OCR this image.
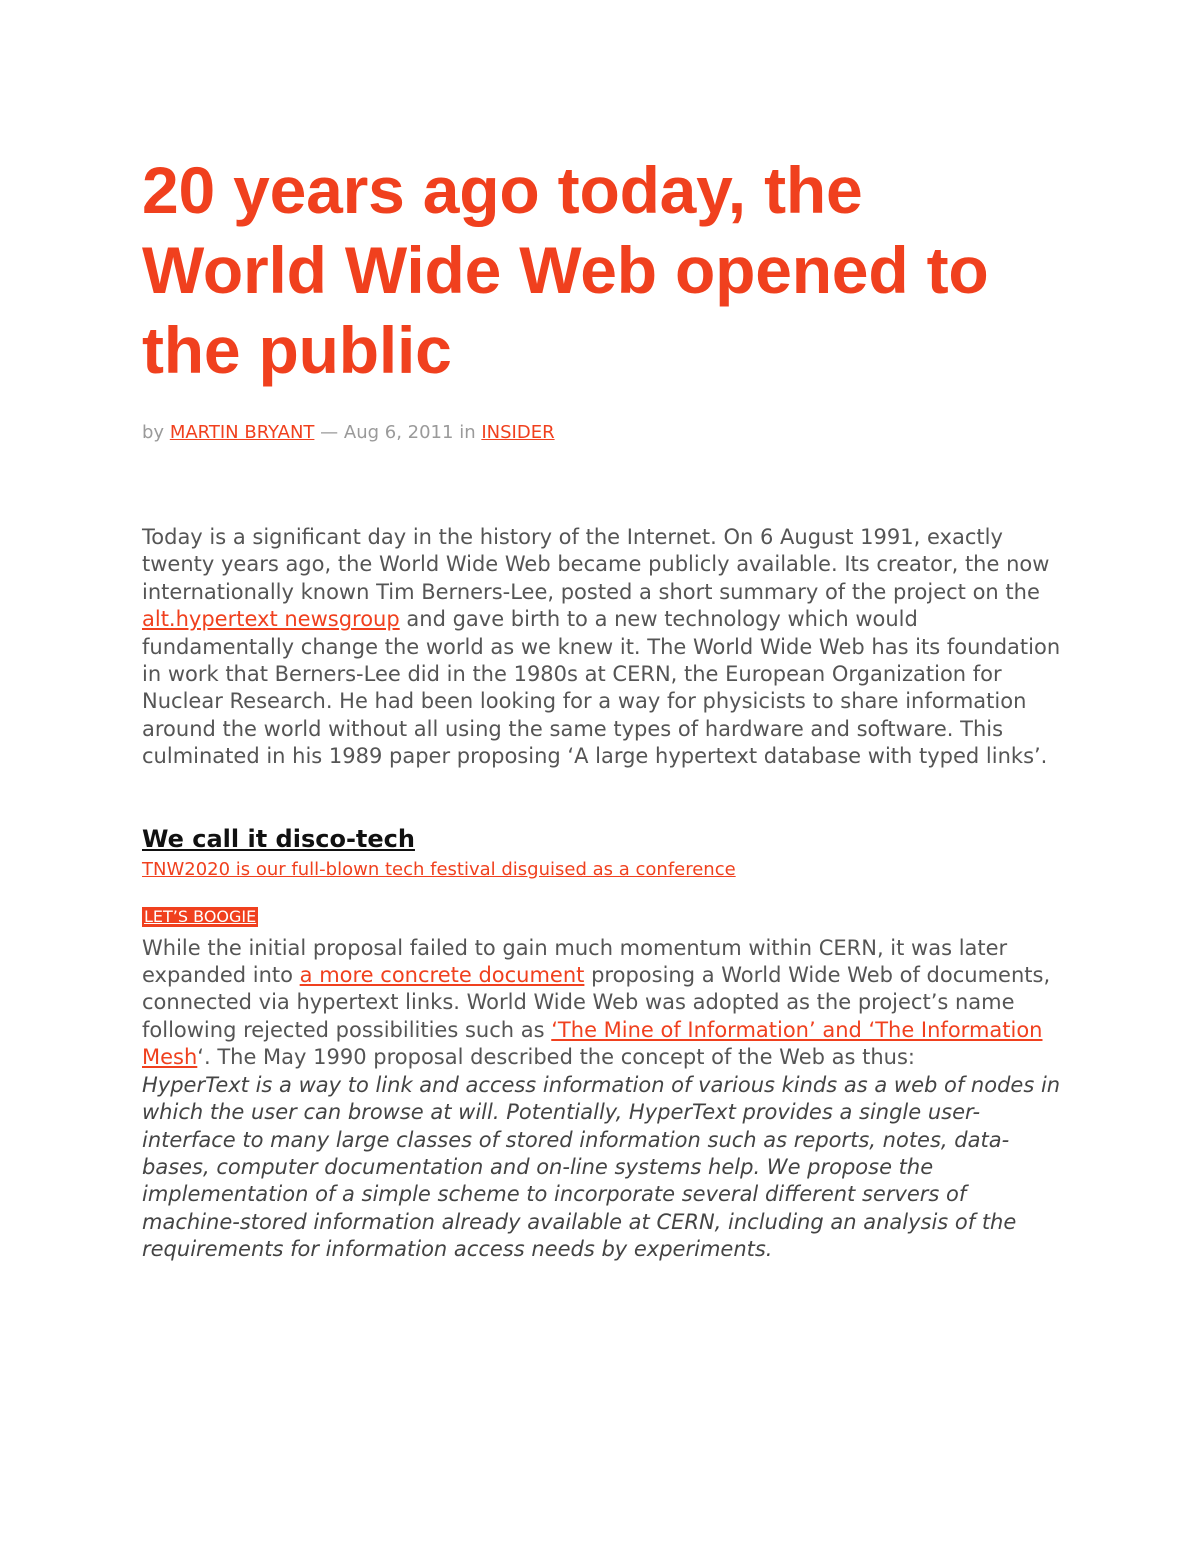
20 years ago today, the World Wide Web opened to the public
by MARTIN BRYANT — Aug 6, 2011 in INSIDER

Today is a significant day in the history of the Internet. On 6 August 1991, exactly twenty years ago, the World Wide Web became publicly available. Its creator, the now internationally known Tim Berners-Lee, posted a short summary of the project on the alt.hypertext newsgroup and gave birth to a new technology which would fundamentally change the world as we knew it. The World Wide Web has its foundation in work that Berners-Lee did in the 1980s at CERN, the European Organization for Nuclear Research. He had been looking for a way for physicists to share information around the world without all using the same types of hardware and software. This culminated in his 1989 paper proposing ‘A large hypertext database with typed links’.

We call it disco-tech
TNW2020 is our full-blown tech festival disguised as a conference
LET’S BOOGIE

While the initial proposal failed to gain much momentum within CERN, it was later expanded into a more concrete document proposing a World Wide Web of documents, connected via hypertext links. World Wide Web was adopted as the project’s name following rejected possibilities such as ‘The Mine of Information’ and ‘The Information Mesh‘. The May 1990 proposal described the concept of the Web as thus:
HyperText is a way to link and access information of various kinds as a web of nodes in which the user can browse at will. Potentially, HyperText provides a single user-interface to many large classes of stored information such as reports, notes, data-bases, computer documentation and on-line systems help. We propose the implementation of a simple scheme to incorporate several different servers of machine-stored information already available at CERN, including an analysis of the requirements for information access needs by experiments.
